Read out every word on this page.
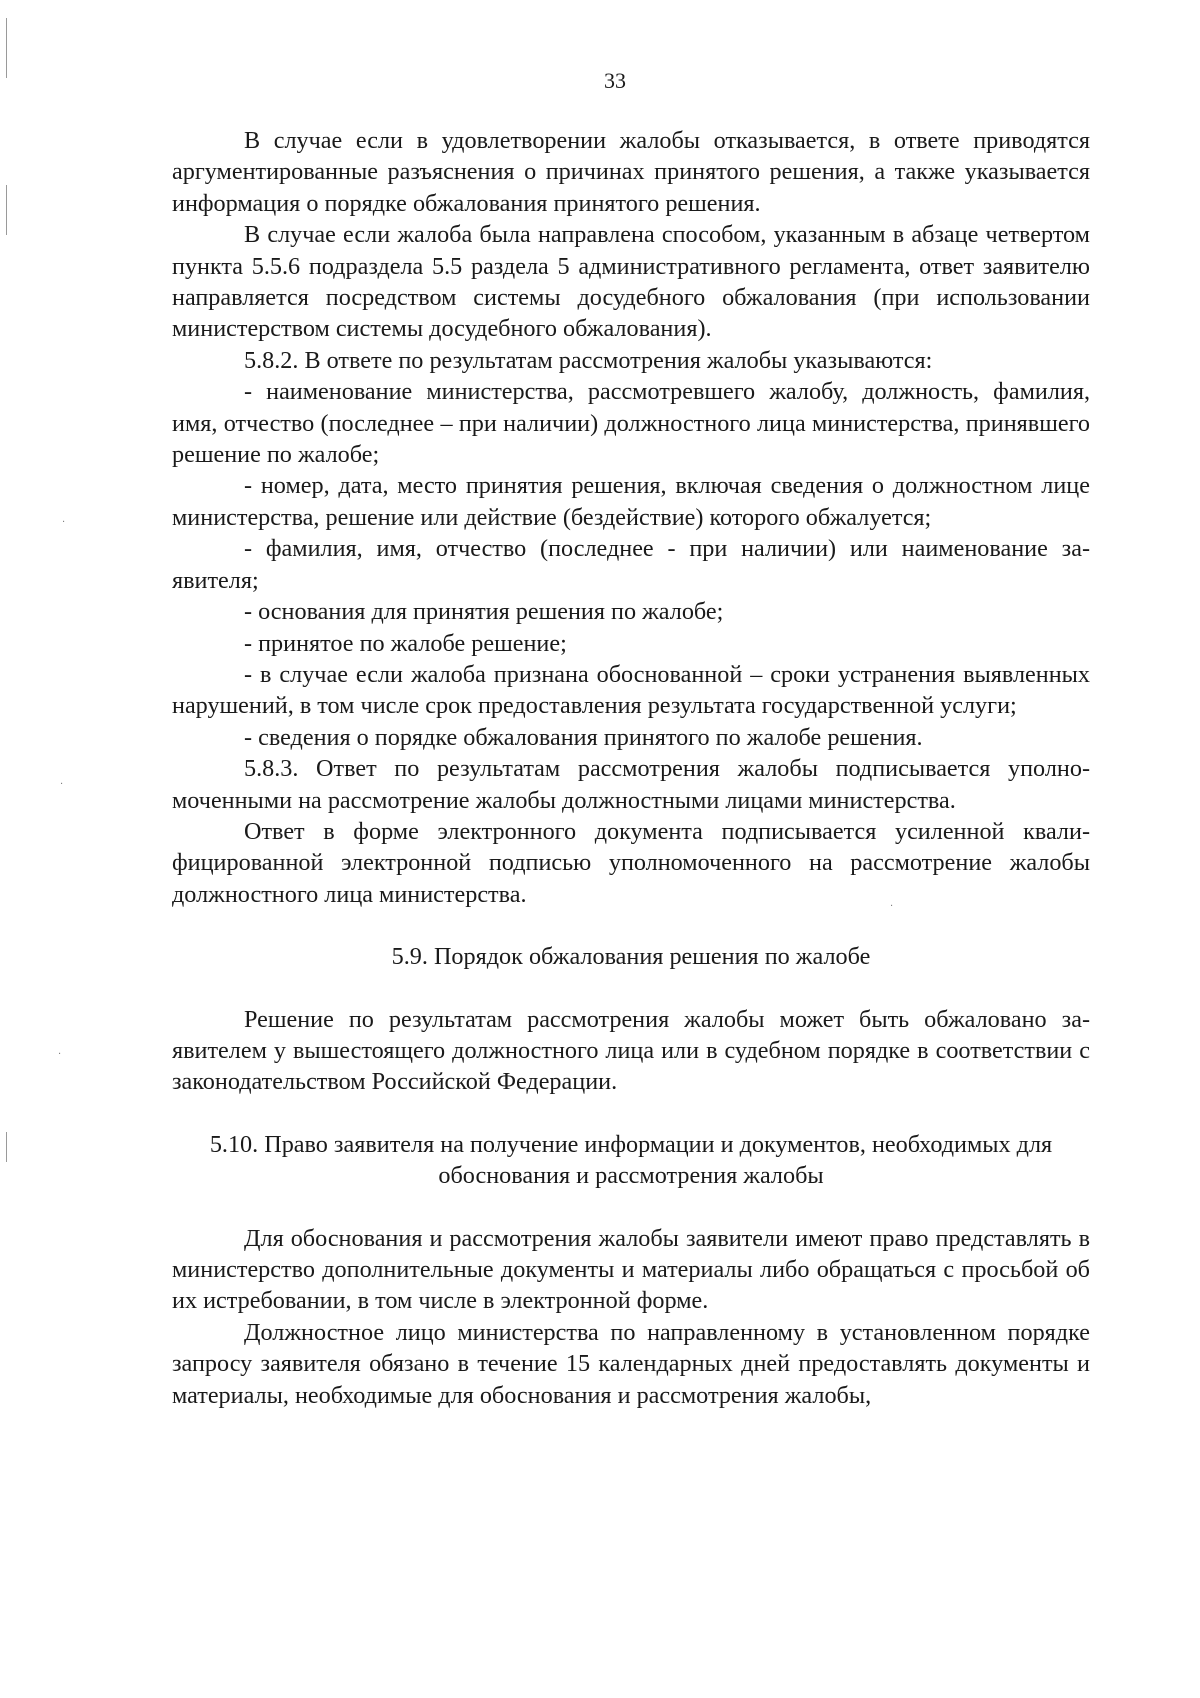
·
·
·
·
33

В случае если в удовлетворении жалобы отказывается, в ответе приводятся аргументированные разъяснения о причинах принятого решения, а также указывается информация о порядке обжалования принятого решения.

В случае если жалоба была направлена способом, указанным в абзаце четвертом пункта 5.5.6 подраздела 5.5 раздела 5 административного регламента, ответ заявителю направляется посредством системы досудебного обжалования (при использовании министерством системы досудебного обжалования).

5.8.2. В ответе по результатам рассмотрения жалобы указываются:

- наименование министерства, рассмотревшего жалобу, должность, фамилия, имя, отчество (последнее – при наличии) должностного лица министерства, принявшего решение по жалобе;

- номер, дата, место принятия решения, включая сведения о должностном лице министерства, решение или действие (бездействие) которого обжалуется;

- фамилия, имя, отчество (последнее - при наличии) или наименование заявителя;

- основания для принятия решения по жалобе;

- принятое по жалобе решение;

- в случае если жалоба признана обоснованной – сроки устранения выявленных нарушений, в том числе срок предоставления результата государственной услуги;

- сведения о порядке обжалования принятого по жалобе решения.

5.8.3. Ответ по результатам рассмотрения жалобы подписывается уполномоченными на рассмотрение жалобы должностными лицами министерства.

Ответ в форме электронного документа подписывается усиленной квалифицированной электронной подписью уполномоченного на рассмотрение жалобы должностного лица министерства.

5.9. Порядок обжалования решения по жалобе

Решение по результатам рассмотрения жалобы может быть обжаловано заявителем у вышестоящего должностного лица или в судебном порядке в соответствии с законодательством Российской Федерации.

5.10. Право заявителя на получение информации и документов, необходимых для обоснования и рассмотрения жалобы

Для обоснования и рассмотрения жалобы заявители имеют право представлять в министерство дополнительные документы и материалы либо обращаться с просьбой об их истребовании, в том числе в электронной форме.

Должностное лицо министерства по направленному в установленном порядке запросу заявителя обязано в течение 15 календарных дней предоставлять документы и материалы, необходимые для обоснования и рассмотрения жалобы,
